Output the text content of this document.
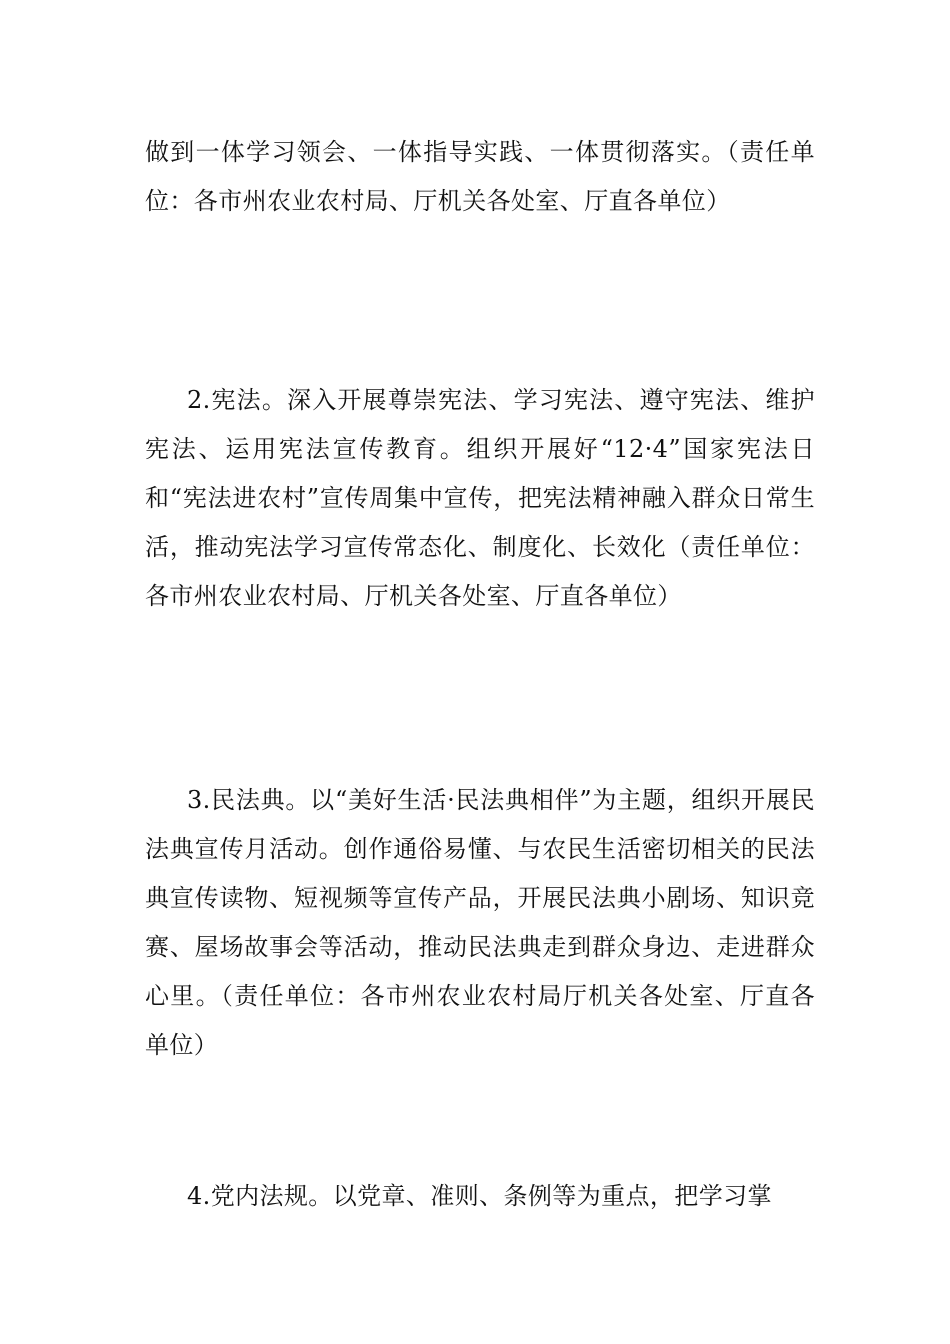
做到一体学习领会、一体指导实践、一体贯彻落实。（责任单位：各市州农业农村局、厅机关各处室、厅直各单位）

2.宪法。深入开展尊崇宪法、学习宪法、遵守宪法、维护宪法、运用宪法宣传教育。组织开展好“12·4”国家宪法日和“宪法进农村”宣传周集中宣传，把宪法精神融入群众日常生活，推动宪法学习宣传常态化、制度化、长效化（责任单位：各市州农业农村局、厅机关各处室、厅直各单位）

3.民法典。以“美好生活·民法典相伴”为主题，组织开展民法典宣传月活动。创作通俗易懂、与农民生活密切相关的民法典宣传读物、短视频等宣传产品，开展民法典小剧场、知识竞赛、屋场故事会等活动，推动民法典走到群众身边、走进群众心里。（责任单位：各市州农业农村局厅机关各处室、厅直各单位）

4.党内法规。以党章、准则、条例等为重点，把学习掌
